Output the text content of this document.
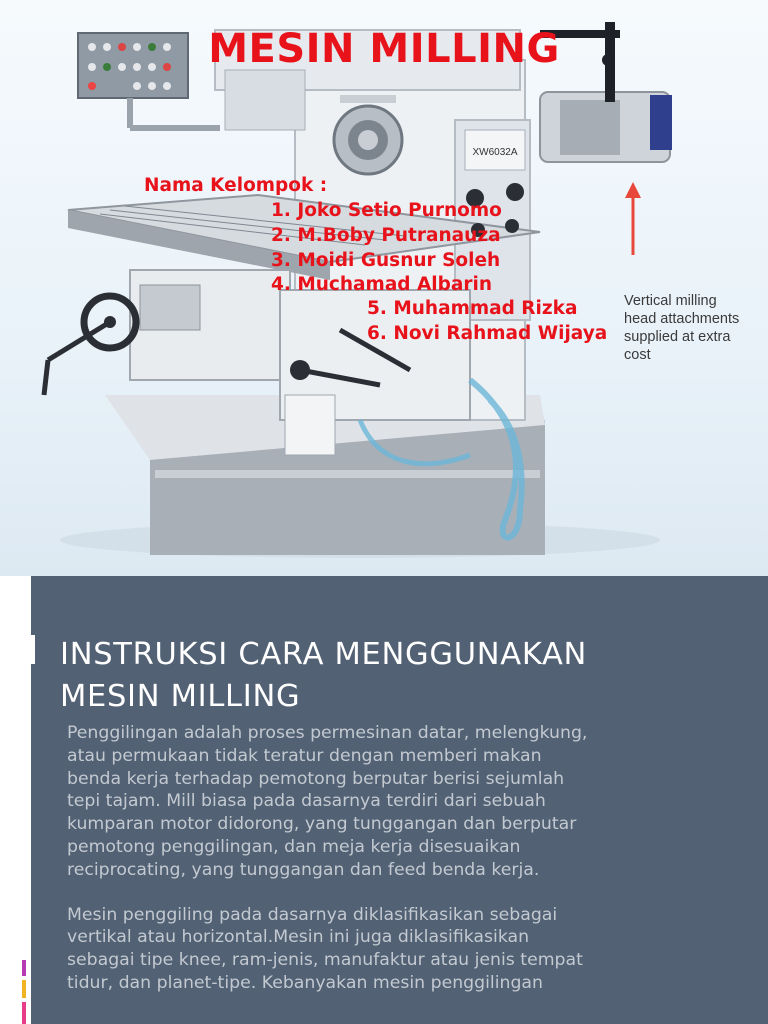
XW6032A
MESIN MILLING
Nama Kelompok :
1. Joko Setio Purnomo
2. M.Boby Putranauza
3. Moidi Gusnur Soleh
4. Muchamad Albarin
5. Muhammad Rizka
6. Novi Rahmad Wijaya
Vertical milling
head attachments
supplied at extra
cost
INSTRUKSI CARA MENGGUNAKAN
MESIN MILLING
Penggilingan adalah proses permesinan datar, melengkung,
atau permukaan tidak teratur dengan memberi makan
benda kerja terhadap pemotong berputar berisi sejumlah
tepi tajam. Mill biasa pada dasarnya terdiri dari sebuah
kumparan motor didorong, yang tunggangan dan berputar
pemotong penggilingan, dan meja kerja disesuaikan
reciprocating, yang tunggangan dan feed benda kerja.
Mesin penggiling pada dasarnya diklasifikasikan sebagai
vertikal atau horizontal.Mesin ini juga diklasifikasikan
sebagai tipe knee, ram-jenis, manufaktur atau jenis tempat
tidur, dan planet-tipe. Kebanyakan mesin penggilingan
